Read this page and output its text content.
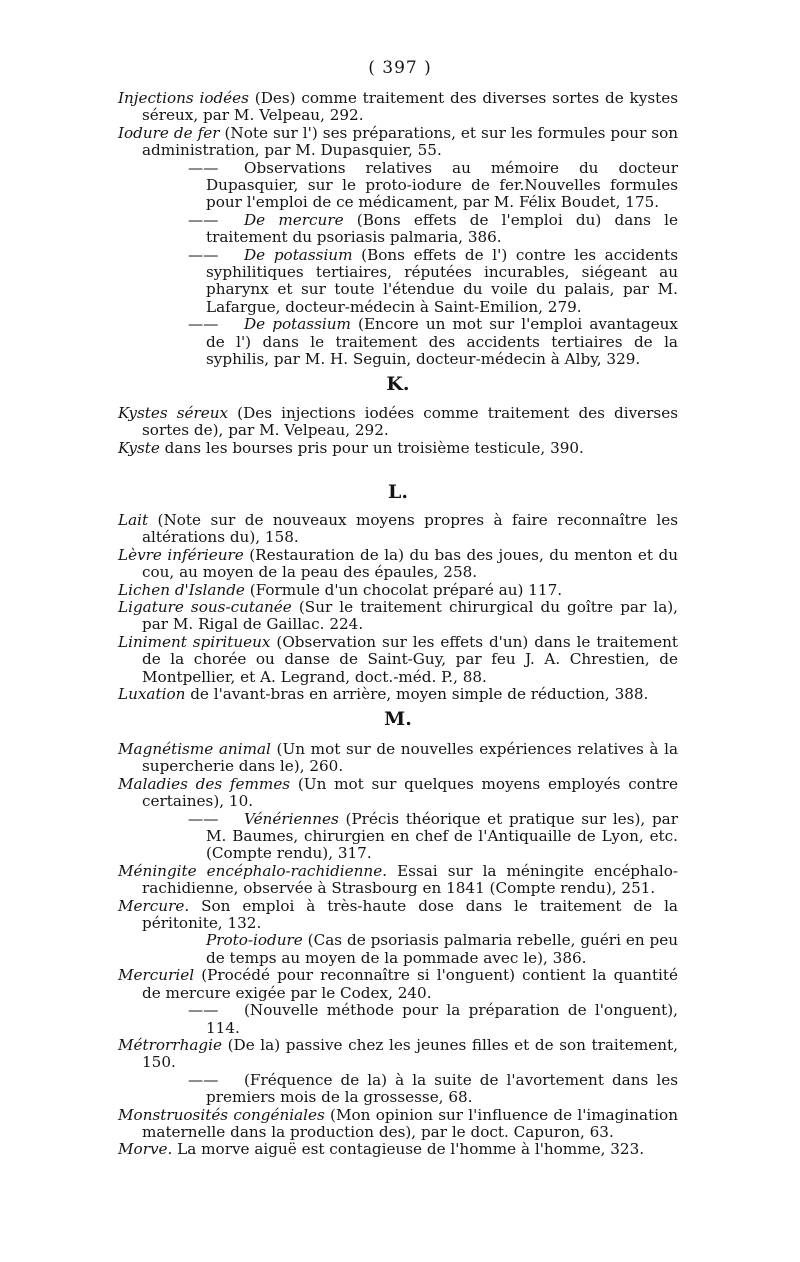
( 397 )

Injections iodées (Des) comme traitement des diverses sortes de kystes séreux, par M. Velpeau, 292.

Iodure de fer (Note sur l') ses préparations, et sur les formules pour son administration, par M. Dupasquier, 55.

—— Observations relatives au mémoire du docteur Dupasquier, sur le proto-iodure de fer.Nouvelles formules pour l'emploi de ce médicament, par M. Félix Boudet, 175.

—— De mercure (Bons effets de l'emploi du) dans le traitement du psoriasis palmaria, 386.

—— De potassium (Bons effets de l') contre les accidents syphilitiques tertiaires, réputées incurables, siégeant au pharynx et sur toute l'étendue du voile du palais, par M. Lafargue, docteur-médecin à Saint-Emilion, 279.

—— De potassium (Encore un mot sur l'emploi avantageux de l') dans le traitement des accidents tertiaires de la syphilis, par M. H. Seguin, docteur-médecin à Alby, 329.

K.

Kystes séreux (Des injections iodées comme traitement des diverses sortes de), par M. Velpeau, 292.

Kyste dans les bourses pris pour un troisième testicule, 390.

L.

Lait (Note sur de nouveaux moyens propres à faire reconnaître les altérations du), 158.

Lèvre inférieure (Restauration de la) du bas des joues, du menton et du cou, au moyen de la peau des épaules, 258.

Lichen d'Islande (Formule d'un chocolat préparé au) 117.

Ligature sous-cutanée (Sur le traitement chirurgical du goître par la), par M. Rigal de Gaillac. 224.

Liniment spiritueux (Observation sur les effets d'un) dans le traitement de la chorée ou danse de Saint-Guy, par feu J. A. Chrestien, de Montpellier, et A. Legrand, doct.-méd. P., 88.

Luxation de l'avant-bras en arrière, moyen simple de réduction, 388.

M.

Magnétisme animal (Un mot sur de nouvelles expériences relatives à la supercherie dans le), 260.

Maladies des femmes (Un mot sur quelques moyens employés contre certaines), 10.

—— Vénériennes (Précis théorique et pratique sur les), par M. Baumes, chirurgien en chef de l'Antiquaille de Lyon, etc. (Compte rendu), 317.

Méningite encéphalo-rachidienne. Essai sur la méningite encéphalo-rachidienne, observée à Strasbourg en 1841 (Compte rendu), 251.

Mercure. Son emploi à très-haute dose dans le traitement de la péritonite, 132.

Proto-iodure (Cas de psoriasis palmaria rebelle, guéri en peu de temps au moyen de la pommade avec le), 386.

Mercuriel (Procédé pour reconnaître si l'onguent) contient la quantité de mercure exigée par le Codex, 240.

—— (Nouvelle méthode pour la préparation de l'onguent), 114.

Métrorrhagie (De la) passive chez les jeunes filles et de son traitement, 150.

—— (Fréquence de la) à la suite de l'avortement dans les premiers mois de la grossesse, 68.

Monstruosités congéniales (Mon opinion sur l'influence de l'imagination maternelle dans la production des), par le doct. Capuron, 63.

Morve. La morve aiguë est contagieuse de l'homme à l'homme, 323.
